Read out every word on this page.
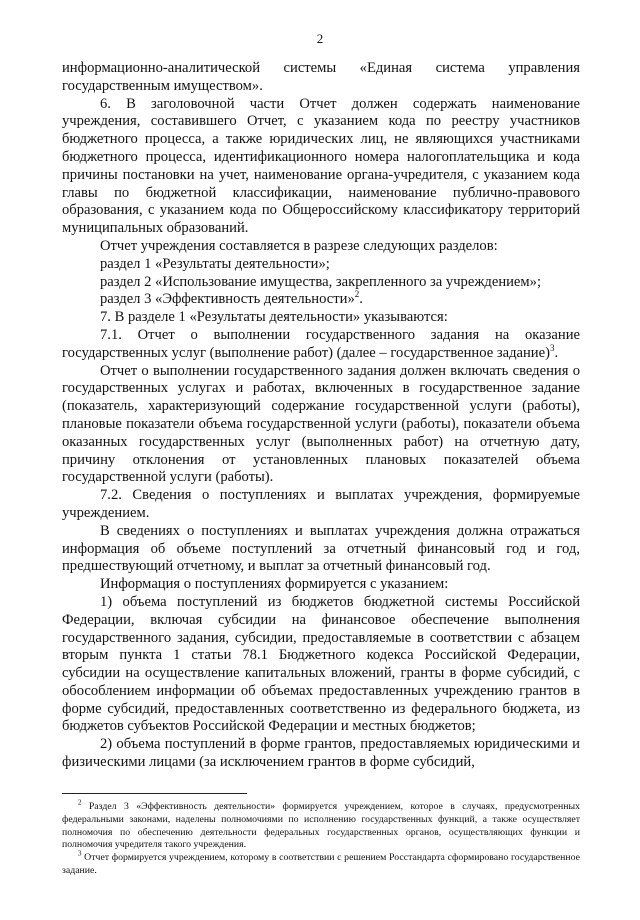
2

информационно-аналитической системы «Единая система управления государственным имуществом».

6. В заголовочной части Отчет должен содержать наименование учреждения, составившего Отчет, с указанием кода по реестру участников бюджетного процесса, а также юридических лиц, не являющихся участниками бюджетного процесса, идентификационного номера налогоплательщика и кода причины постановки на учет, наименование органа-учредителя, с указанием кода главы по бюджетной классификации, наименование публично-правового образования, с указанием кода по Общероссийскому классификатору территорий муниципальных образований.

Отчет учреждения составляется в разрезе следующих разделов:

раздел 1 «Результаты деятельности»;

раздел 2 «Использование имущества, закрепленного за учреждением»;

раздел 3 «Эффективность деятельности»$^2$.

7. В разделе 1 «Результаты деятельности» указываются:

7.1. Отчет о выполнении государственного задания на оказание государственных услуг (выполнение работ) (далее – государственное задание)$^3$.

Отчет о выполнении государственного задания должен включать сведения о государственных услугах и работах, включенных в государственное задание (показатель, характеризующий содержание государственной услуги (работы), плановые показатели объема государственной услуги (работы), показатели объема оказанных государственных услуг (выполненных работ) на отчетную дату, причину отклонения от установленных плановых показателей объема государственной услуги (работы).

7.2. Сведения о поступлениях и выплатах учреждения, формируемые учреждением.

В сведениях о поступлениях и выплатах учреждения должна отражаться информация об объеме поступлений за отчетный финансовый год и год, предшествующий отчетному, и выплат за отчетный финансовый год.

Информация о поступлениях формируется с указанием:

1) объема поступлений из бюджетов бюджетной системы Российской Федерации, включая субсидии на финансовое обеспечение выполнения государственного задания, субсидии, предоставляемые в соответствии с абзацем вторым пункта 1 статьи 78.1 Бюджетного кодекса Российской Федерации, субсидии на осуществление капитальных вложений, гранты в форме субсидий, с обособлением информации об объемах предоставленных учреждению грантов в форме субсидий, предоставленных соответственно из федерального бюджета, из бюджетов субъектов Российской Федерации и местных бюджетов;

2) объема поступлений в форме грантов, предоставляемых юридическими и физическими лицами (за исключением грантов в форме субсидий,

$^2$ Раздел 3 «Эффективность деятельности» формируется учреждением, которое в случаях, предусмотренных федеральными законами, наделены полномочиями по исполнению государственных функций, а также осуществляет полномочия по обеспечению деятельности федеральных государственных органов, осуществляющих функции и полномочия учредителя такого учреждения.

$^3$ Отчет формируется учреждением, которому в соответствии с решением Росстандарта сформировано государственное задание.
